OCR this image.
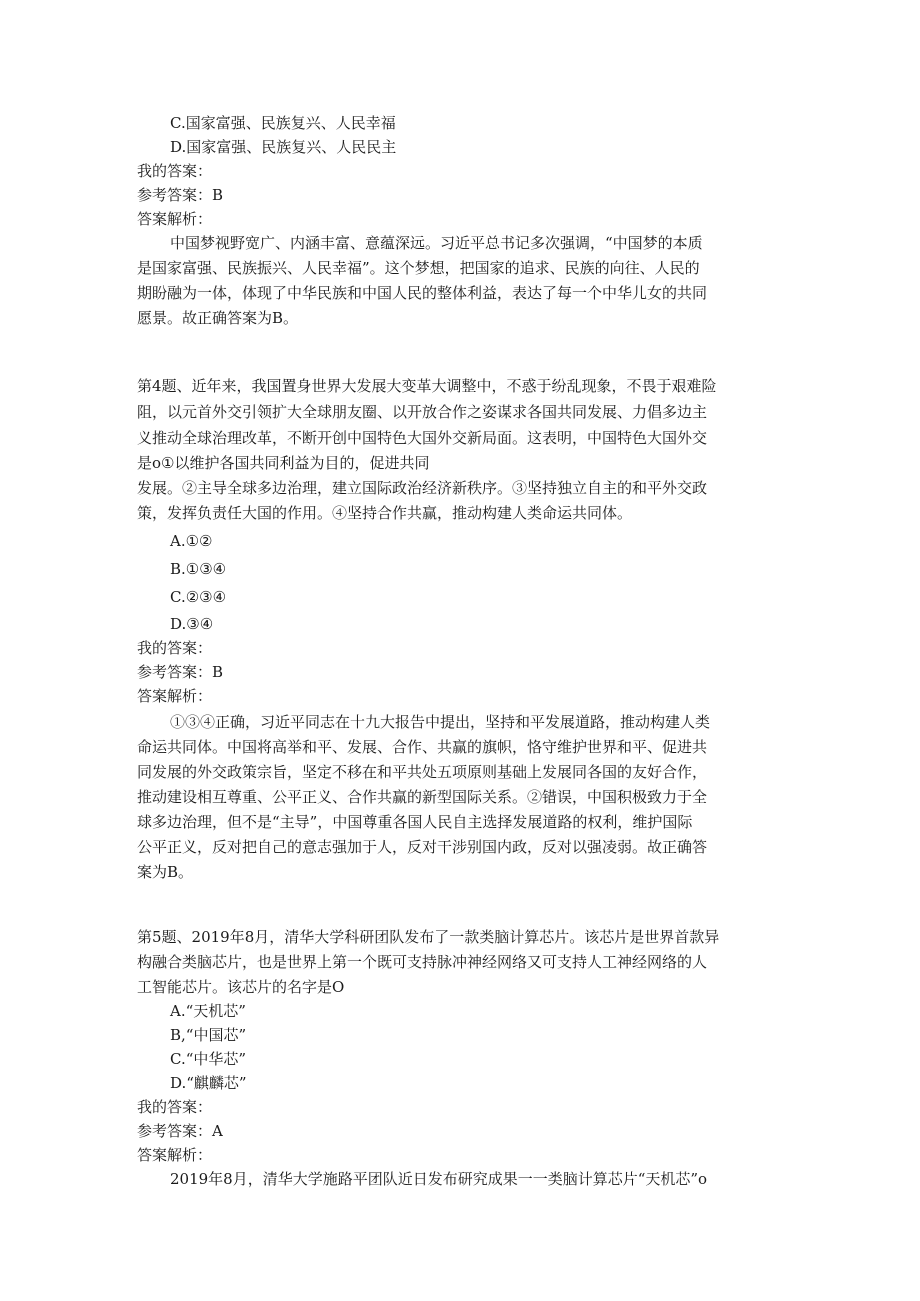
C.国家富强、民族复兴、人民幸福
D.国家富强、民族复兴、人民民主
我的答案：
参考答案：B
答案解析：
中国梦视野宽广、内涵丰富、意蕴深远。习近平总书记多次强调，“中国梦的本质
是国家富强、民族振兴、人民幸福”。这个梦想，把国家的追求、民族的向往、人民的
期盼融为一体，体现了中华民族和中国人民的整体利益，表达了每一个中华儿女的共同
愿景。故正确答案为B。
第4题、近年来，我国置身世界大发展大变革大调整中，不惑于纷乱现象，不畏于艰难险
阻，以元首外交引领扩大全球朋友圈、以开放合作之姿谋求各国共同发展、力倡多边主
义推动全球治理改革，不断开创中国特色大国外交新局面。这表明，中国特色大国外交
是o①以维护各国共同利益为目的，促进共同
发展。②主导全球多边治理，建立国际政治经济新秩序。③坚持独立自主的和平外交政
策，发挥负责任大国的作用。④坚持合作共赢，推动构建人类命运共同体。
A.①②
B.①③④
C.②③④
D.③④
我的答案：
参考答案：B
答案解析：
①③④正确，习近平同志在十九大报告中提出，坚持和平发展道路，推动构建人类
命运共同体。中国将高举和平、发展、合作、共赢的旗帜，恪守维护世界和平、促进共
同发展的外交政策宗旨，坚定不移在和平共处五项原则基础上发展同各国的友好合作，
推动建设相互尊重、公平正义、合作共赢的新型国际关系。②错误，中国积极致力于全
球多边治理，但不是“主导”，中国尊重各国人民自主选择发展道路的权利，维护国际
公平正义，反对把自己的意志强加于人，反对干涉别国内政，反对以强凌弱。故正确答
案为B。
第5题、2019年8月，清华大学科研团队发布了一款类脑计算芯片。该芯片是世界首款异
构融合类脑芯片，也是世界上第一个既可支持脉冲神经网络又可支持人工神经网络的人
工智能芯片。该芯片的名字是O
A.“天机芯”
B,“中国芯”
C.“中华芯”
D.“麒麟芯”
我的答案：
参考答案：A
答案解析：
2019年8月，清华大学施路平团队近日发布研究成果一一类脑计算芯片“天机芯”o
